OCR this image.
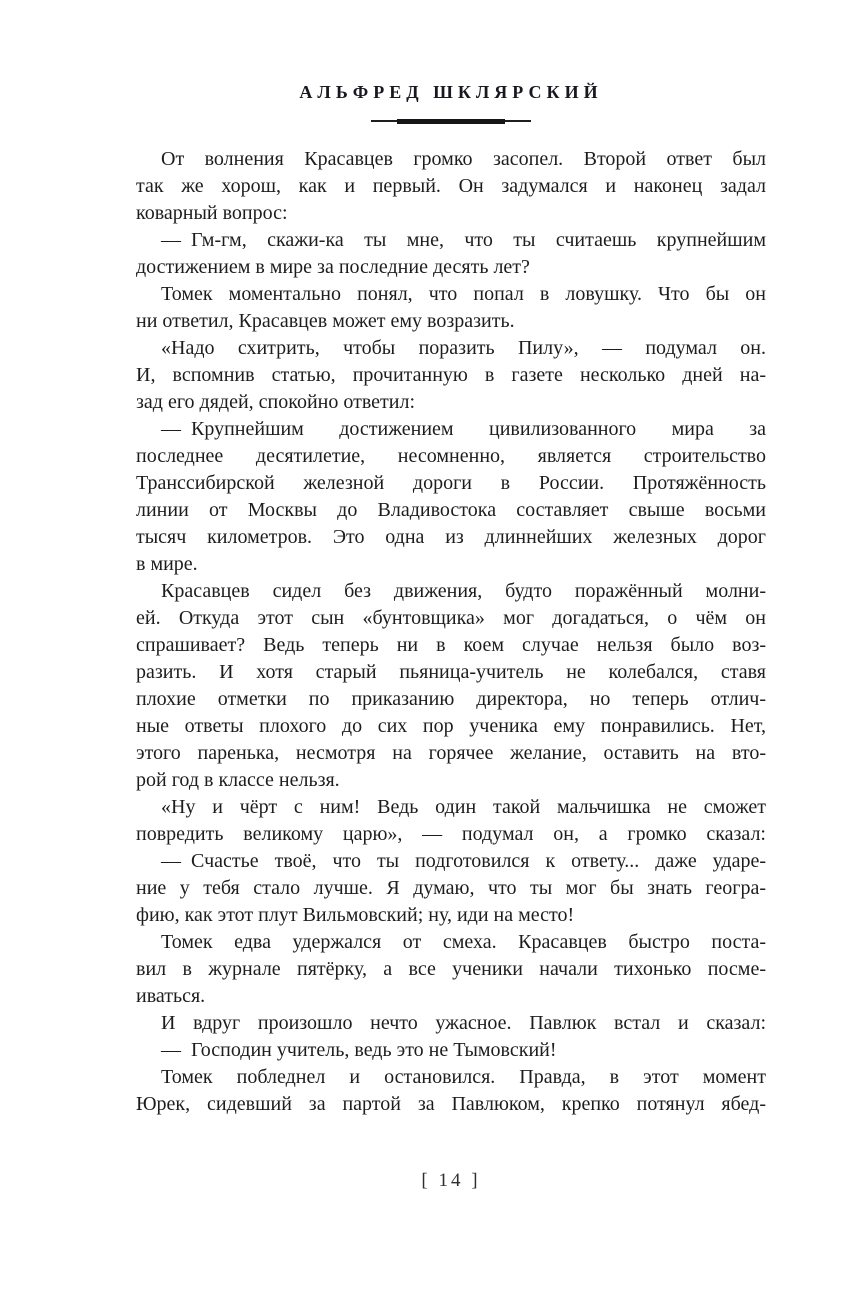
АЛЬФРЕД ШКЛЯРСКИЙ
От волнения Красавцев громко засопел. Второй ответ был
так же хорош, как и первый. Он задумался и наконец задал
коварный вопрос:
— Гм-гм, скажи-ка ты мне, что ты считаешь крупнейшим
достижением в мире за последние десять лет?
Томек моментально понял, что попал в ловушку. Что бы он
ни ответил, Красавцев может ему возразить.
«Надо схитрить, чтобы поразить Пилу», — подумал он.
И, вспомнив статью, прочитанную в газете несколько дней на-
зад его дядей, спокойно ответил:
— Крупнейшим достижением цивилизованного мира за
последнее десятилетие, несомненно, является строительство
Транссибирской железной дороги в России. Протяжённость
линии от Москвы до Владивостока составляет свыше восьми
тысяч километров. Это одна из длиннейших железных дорог
в мире.
Красавцев сидел без движения, будто поражённый молни-
ей. Откуда этот сын «бунтовщика» мог догадаться, о чём он
спрашивает? Ведь теперь ни в коем случае нельзя было воз-
разить. И хотя старый пьяница-учитель не колебался, ставя
плохие отметки по приказанию директора, но теперь отлич-
ные ответы плохого до сих пор ученика ему понравились. Нет,
этого паренька, несмотря на горячее желание, оставить на вто-
рой год в классе нельзя.
«Ну и чёрт с ним! Ведь один такой мальчишка не сможет
повредить великому царю», — подумал он, а громко сказал:
— Счастье твоё, что ты подготовился к ответу... даже ударе-
ние у тебя стало лучше. Я думаю, что ты мог бы знать геогра-
фию, как этот плут Вильмовский; ну, иди на место!
Томек едва удержался от смеха. Красавцев быстро поста-
вил в журнале пятёрку, а все ученики начали тихонько посме-
иваться.
И вдруг произошло нечто ужасное. Павлюк встал и сказал:
— Господин учитель, ведь это не Тымовский!
Томек побледнел и остановился. Правда, в этот момент
Юрек, сидевший за партой за Павлюком, крепко потянул ябед-
[ 14 ]
